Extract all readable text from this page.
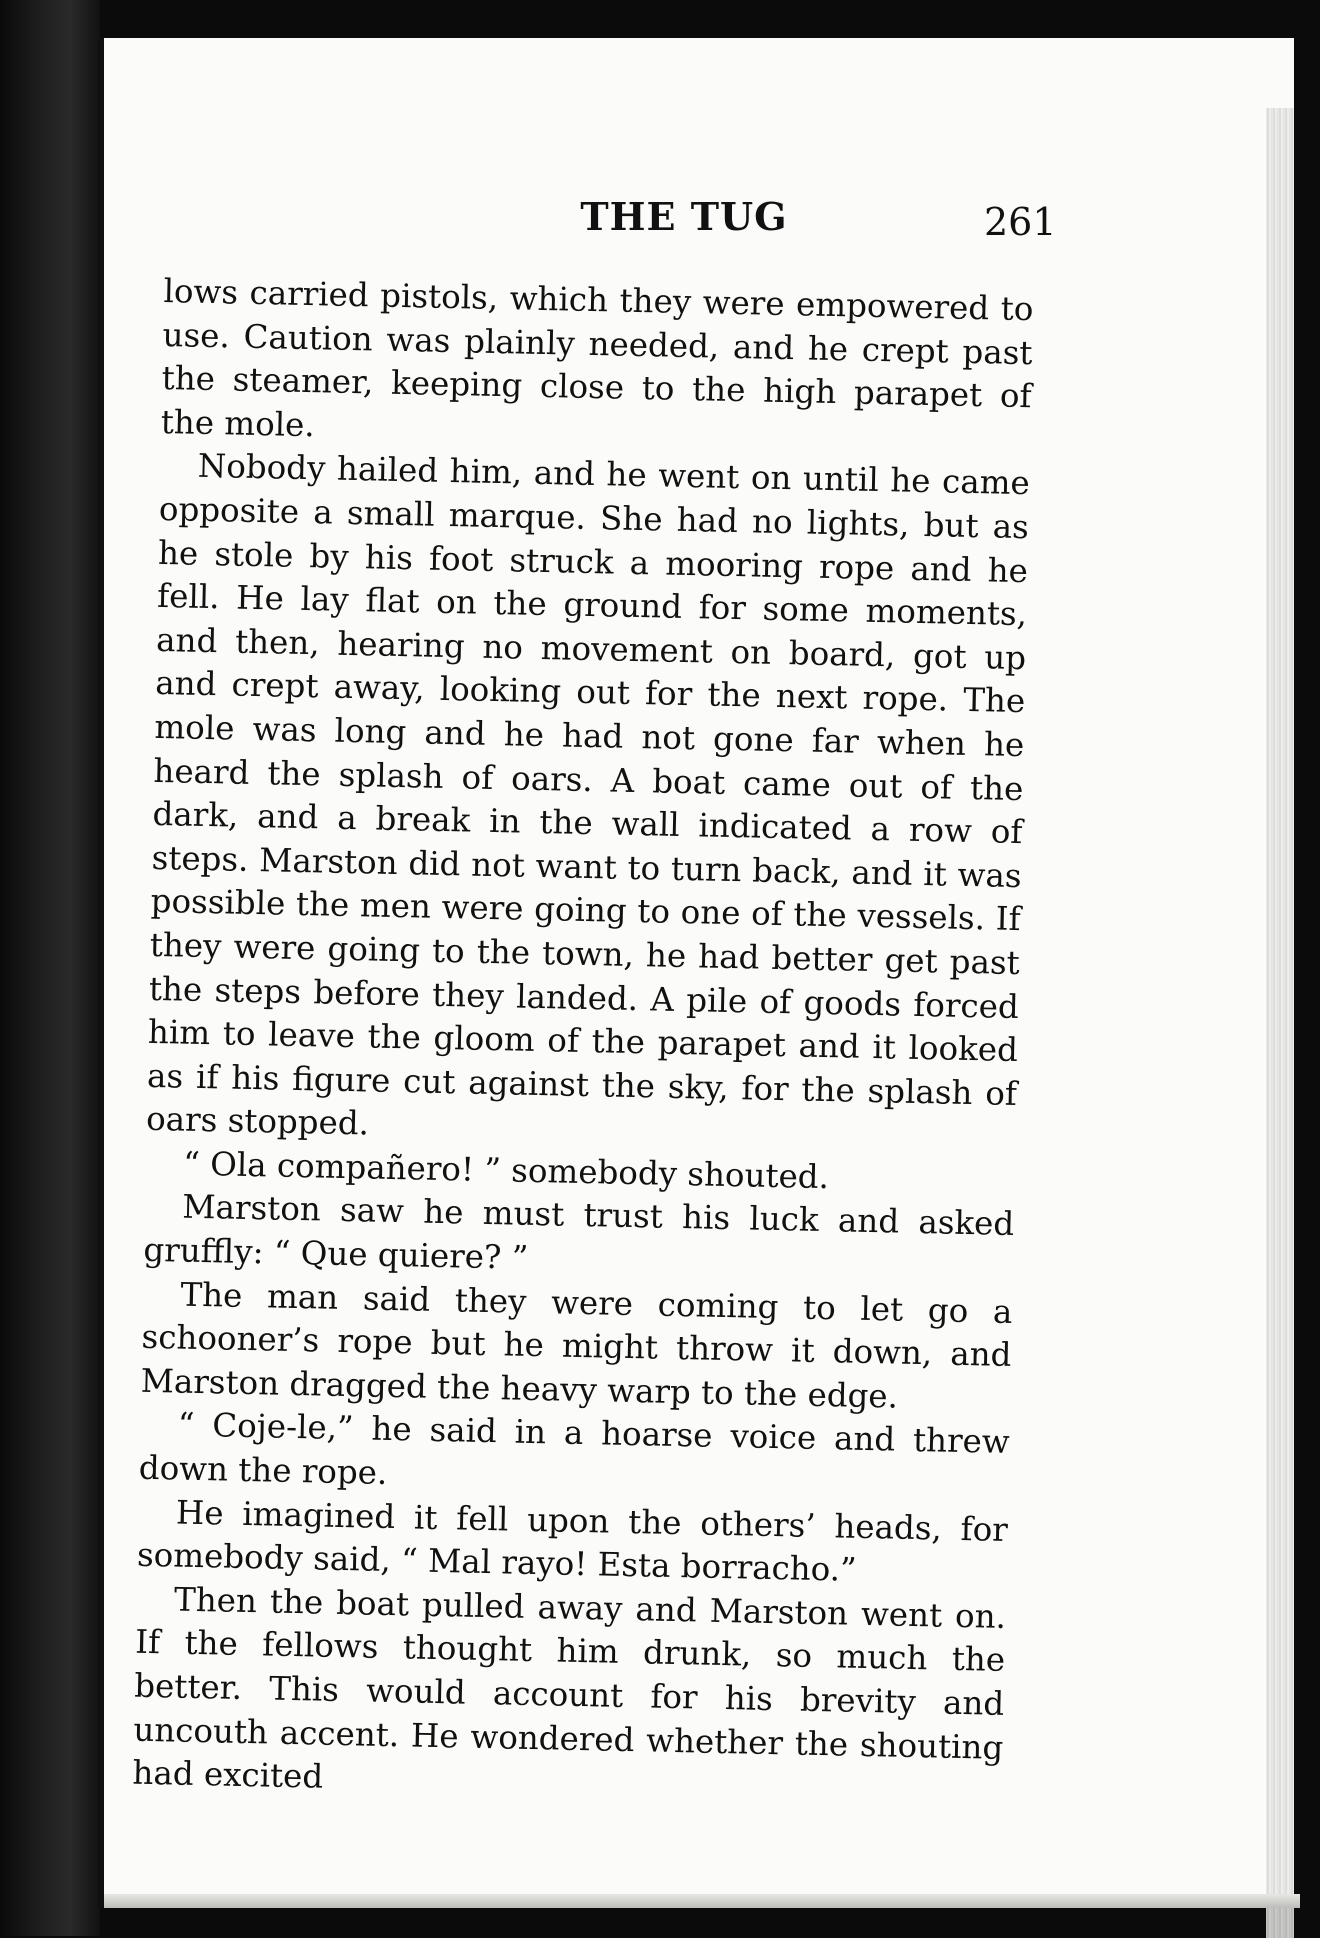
THE TUG	261

lows carried pistols, which they were empowered to use. Caution was plainly needed, and he crept past the steamer, keeping close to the high parapet of the mole.

Nobody hailed him, and he went on until he came opposite a small marque. She had no lights, but as he stole by his foot struck a mooring rope and he fell. He lay flat on the ground for some moments, and then, hearing no movement on board, got up and crept away, looking out for the next rope. The mole was long and he had not gone far when he heard the splash of oars. A boat came out of the dark, and a break in the wall indicated a row of steps. Marston did not want to turn back, and it was possible the men were going to one of the vessels. If they were going to the town, he had better get past the steps before they landed. A pile of goods forced him to leave the gloom of the parapet and it looked as if his figure cut against the sky, for the splash of oars stopped.

“ Ola compañero! ” somebody shouted.

Marston saw he must trust his luck and asked gruffly: “ Que quiere? ”

The man said they were coming to let go a schooner’s rope but he might throw it down, and Marston dragged the heavy warp to the edge.

“ Coje-le,” he said in a hoarse voice and threw down the rope.

He imagined it fell upon the others’ heads, for somebody said, “ Mal rayo! Esta borracho.”

Then the boat pulled away and Marston went on. If the fellows thought him drunk, so much the better. This would account for his brevity and uncouth accent. He wondered whether the shouting had excited
